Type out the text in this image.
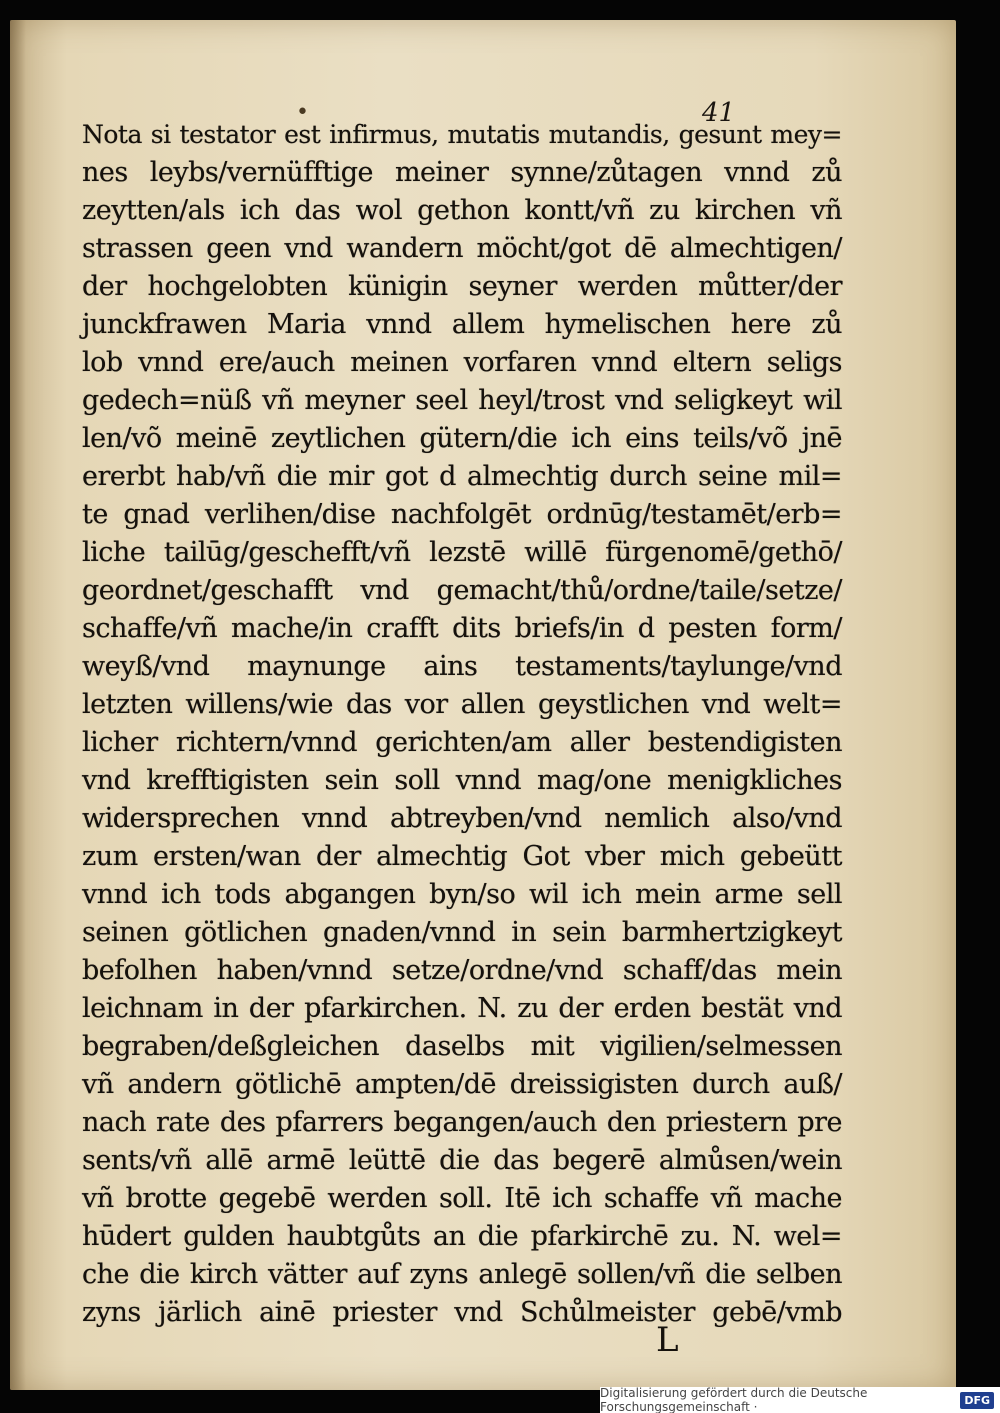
•	41

Nota si testator est infirmus, mutatis mutandis, gesunt mey=
nes leybs/vernüfftige meiner synne/zůtagen vnnd zů
zeytten/als ich das wol gethon kontt/vñ zu kirchen vñ
strassen geen vnd wandern möcht/got dē almechtigen/
der hochgelobten künigin seyner werden můtter/der
junckfrawen Maria vnnd allem hymelischen here zů
lob vnnd ere/auch meinen vorfaren vnnd eltern seligs
gedech=nüß vñ meyner seel heyl/trost vnd seligkeyt wil
len/võ meinē zeytlichen gütern/die ich eins teils/võ jnē
ererbt hab/vñ die mir got d almechtig durch seine mil=
te gnad verlihen/dise nachfolgēt ordnūg/testamēt/erb=
liche tailūg/geschefft/vñ lezstē willē fürgenomē/gethō/
geordnet/geschafft vnd gemacht/thů/ordne/taile/setze/
schaffe/vñ mache/in crafft dits briefs/in d pesten form/
weyß/vnd maynunge ains testaments/taylunge/vnd
letzten willens/wie das vor allen geystlichen vnd welt=
licher richtern/vnnd gerichten/am aller bestendigisten
vnd krefftigisten sein soll vnnd mag/one menigkliches
widersprechen vnnd abtreyben/vnd nemlich also/vnd
zum ersten/wan der almechtig Got vber mich gebeütt
vnnd ich tods abgangen byn/so wil ich mein arme sell
seinen götlichen gnaden/vnnd in sein barmhertzigkeyt
befolhen haben/vnnd setze/ordne/vnd schaff/das mein
leichnam in der pfarkirchen. N. zu der erden bestät vnd
begraben/deßgleichen daselbs mit vigilien/selmessen
vñ andern götlichē ampten/dē dreissigisten durch auß/
nach rate des pfarrers begangen/auch den priestern pre
sents/vñ allē armē leüttē die das begerē almůsen/wein
vñ brotte gegebē werden soll. Itē ich schaffe vñ mache
hūdert gulden haubtgůts an die pfarkirchē zu. N. wel=
che die kirch vätter auf zyns anlegē sollen/vñ die selben
zyns järlich ainē priester vnd Schůlmeister gebē/vmb
L
Digitalisierung gefördert durch die Deutsche Forschungsgemeinschaft ·	DFG
